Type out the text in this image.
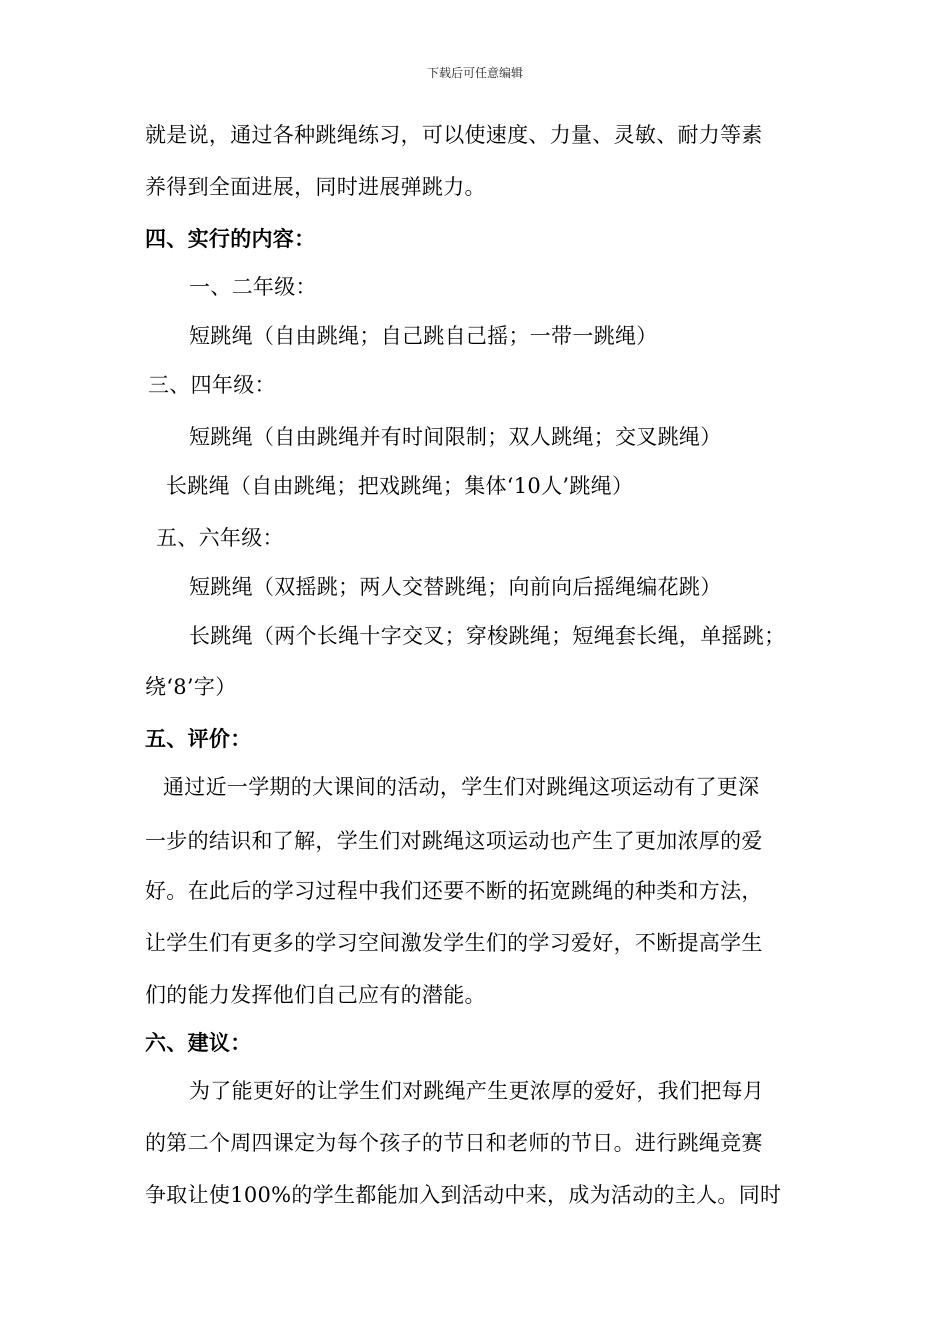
下载后可任意编辑
就是说，通过各种跳绳练习，可以使速度、力量、灵敏、耐力等素
养得到全面进展，同时进展弹跳力。
四、实行的内容：
一、二年级：
短跳绳（自由跳绳；自己跳自己摇；一带一跳绳）
三、四年级：
短跳绳（自由跳绳并有时间限制；双人跳绳；交叉跳绳）
长跳绳（自由跳绳；把戏跳绳；集体‘10人’跳绳）
五、六年级：
短跳绳（双摇跳；两人交替跳绳；向前向后摇绳编花跳）
长跳绳（两个长绳十字交叉；穿梭跳绳；短绳套长绳，单摇跳；
绕‘8’字）
五、评价：
通过近一学期的大课间的活动，学生们对跳绳这项运动有了更深
一步的结识和了解，学生们对跳绳这项运动也产生了更加浓厚的爱
好。在此后的学习过程中我们还要不断的拓宽跳绳的种类和方法，
让学生们有更多的学习空间激发学生们的学习爱好，不断提高学生
们的能力发挥他们自己应有的潜能。
六、建议：
为了能更好的让学生们对跳绳产生更浓厚的爱好，我们把每月
的第二个周四课定为每个孩子的节日和老师的节日。进行跳绳竞赛
争取让使100%的学生都能加入到活动中来，成为活动的主人。同时
